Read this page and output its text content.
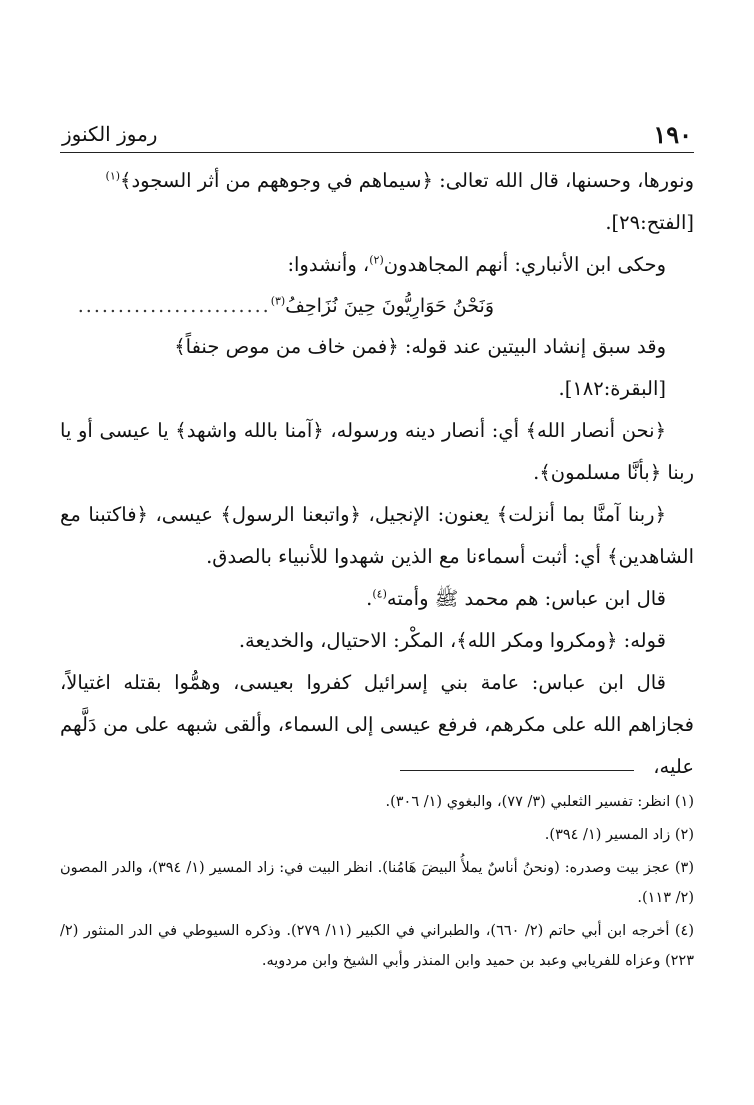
١٩٠
رموز الكنوز

ونورها، وحسنها، قال الله تعالى: ﴿سيماهم في وجوههم من أثر السجود﴾$^{(١)}$
[الفتح:٢٩].

وحكى ابن الأنباري: أنهم المجاهدون$^{(٢)}$، وأنشدوا:

وَنَحْنُ حَوَارِيُّونَ حِينَ نُزَاحِفُ$^{(٣)}$
........................

وقد سبق إنشاد البيتين عند قوله: ﴿فمن خاف من موص جنفاً﴾
[البقرة:١٨٢].

﴿نحن أنصار الله﴾ أي: أنصار دينه ورسوله، ﴿آمنا بالله واشهد﴾ يا عيسى أو يا ربنا ﴿بأنَّا مسلمون﴾.

﴿ربنا آمنَّا بما أنزلت﴾ يعنون: الإنجيل، ﴿واتبعنا الرسول﴾ عيسى، ﴿فاكتبنا مع الشاهدين﴾ أي: أثبت أسماءنا مع الذين شهدوا للأنبياء بالصدق.

قال ابن عباس: هم محمد ﷺ وأمته$^{(٤)}$.

قوله: ﴿ومكروا ومكر الله﴾، المكْر: الاحتيال، والخديعة.

قال ابن عباس: عامة بني إسرائيل كفروا بعيسى، وهمُّوا بقتله اغتيالاً، فجازاهم الله على مكرهم، فرفع عيسى إلى السماء، وألقى شبهه على من دَلَّهم عليه،

(١) انظر: تفسير الثعلبي (٣/ ٧٧)، والبغوي (١/ ٣٠٦).

(٢) زاد المسير (١/ ٣٩٤).

(٣) عجز بيت وصدره: (ونحنُ أناسٌ يملأُ البيضَ هَامُنا). انظر البيت في: زاد المسير (١/ ٣٩٤)، والدر المصون (٢/ ١١٣).

(٤) أخرجه ابن أبي حاتم (٢/ ٦٦٠)، والطبراني في الكبير (١١/ ٢٧٩). وذكره السيوطي في الدر المنثور (٢/ ٢٢٣) وعزاه للفريابي وعبد بن حميد وابن المنذر وأبي الشيخ وابن مردويه.
